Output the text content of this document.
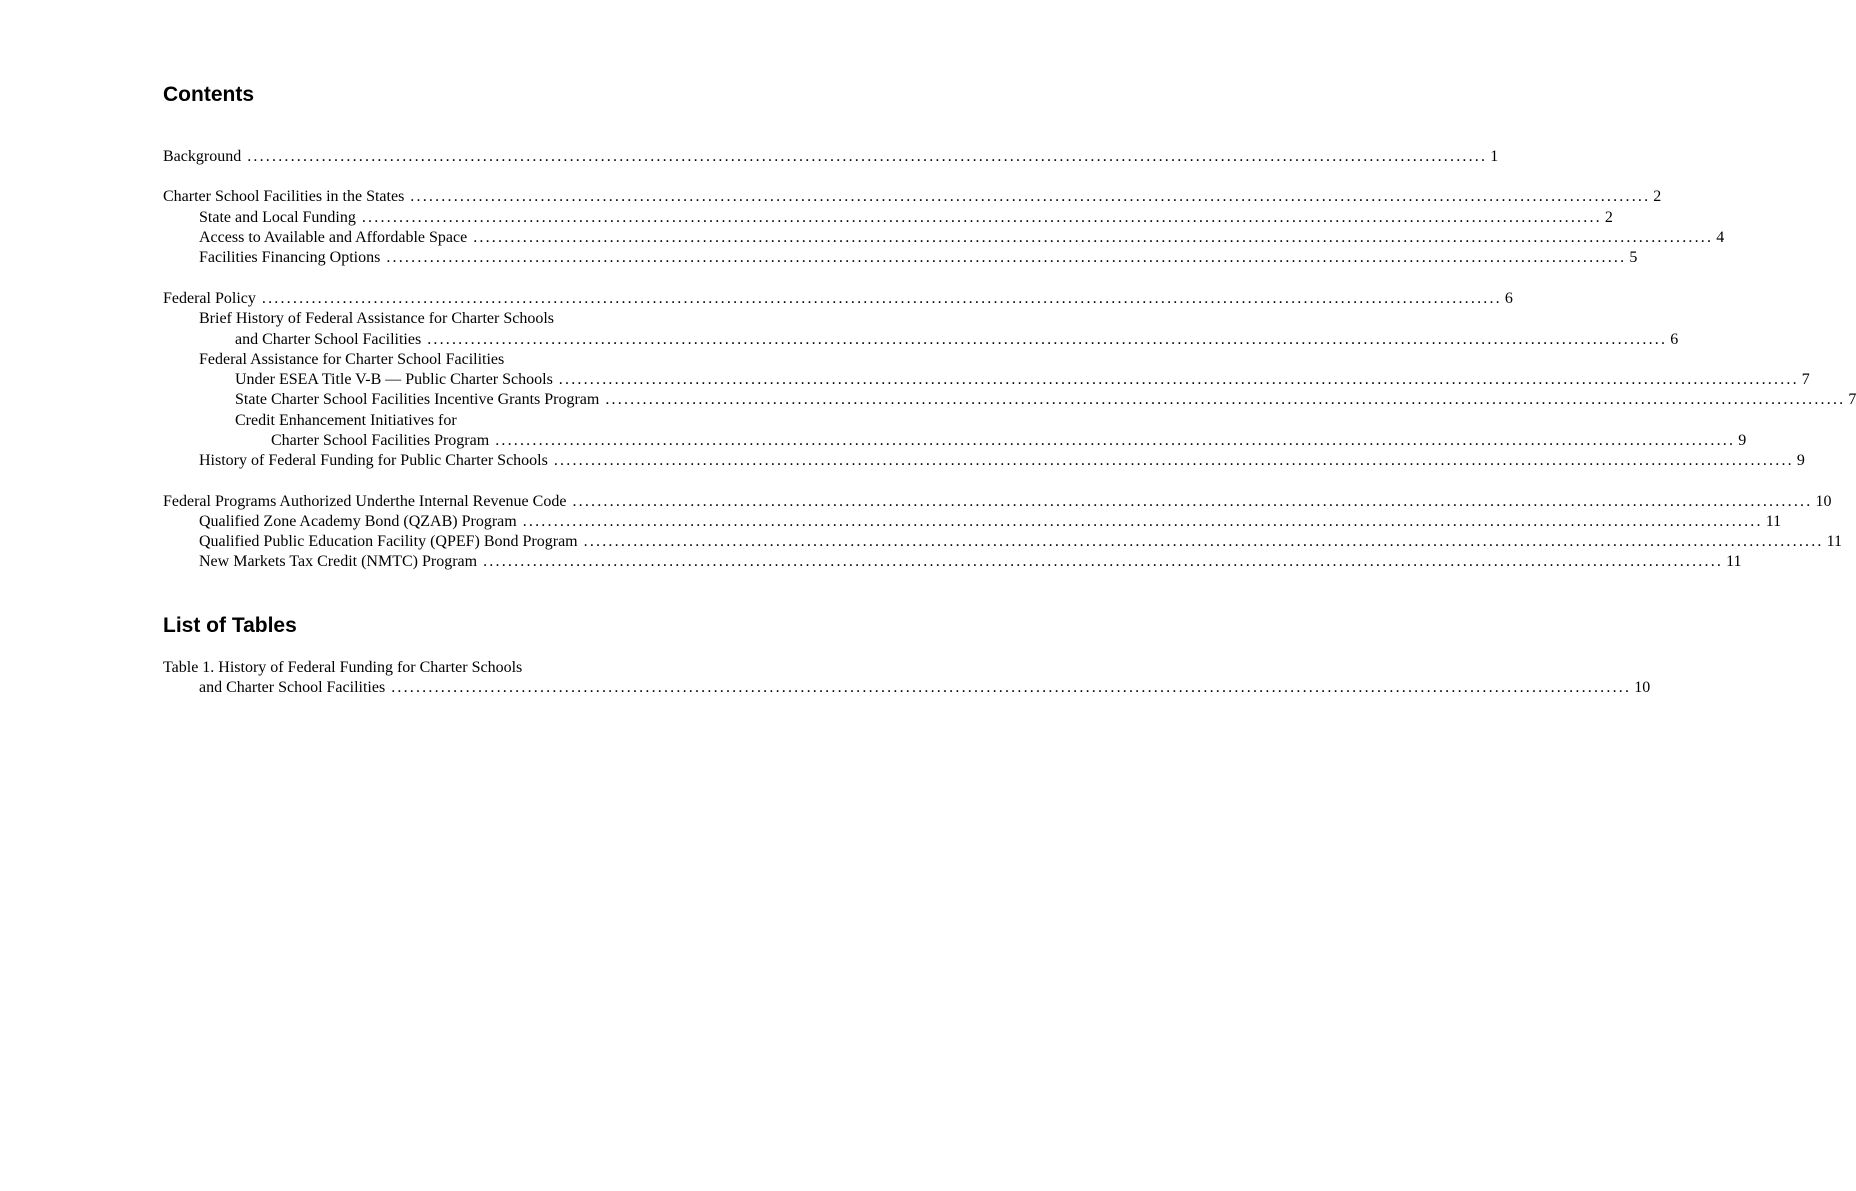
Contents
Background ........................................................................................................................................................................................................ 1
Charter School Facilities in the States ........................................................................................................................................................................................................ 2
State and Local Funding ........................................................................................................................................................................................................ 2
Access to Available and Affordable Space ........................................................................................................................................................................................................ 4
Facilities Financing Options ........................................................................................................................................................................................................ 5
Federal Policy ........................................................................................................................................................................................................ 6
Brief History of Federal Assistance for Charter Schools
and Charter School Facilities ........................................................................................................................................................................................................ 6
Federal Assistance for Charter School Facilities
Under ESEA Title V-B — Public Charter Schools ........................................................................................................................................................................................................ 7
State Charter School Facilities Incentive Grants Program ........................................................................................................................................................................................................ 7
Credit Enhancement Initiatives for
Charter School Facilities Program ........................................................................................................................................................................................................ 9
History of Federal Funding for Public Charter Schools ........................................................................................................................................................................................................ 9
Federal Programs Authorized Underthe Internal Revenue Code ........................................................................................................................................................................................................ 10
Qualified Zone Academy Bond (QZAB) Program ........................................................................................................................................................................................................ 11
Qualified Public Education Facility (QPEF) Bond Program ........................................................................................................................................................................................................ 11
New Markets Tax Credit (NMTC) Program ........................................................................................................................................................................................................ 11
List of Tables
Table 1. History of Federal Funding for Charter Schools
and Charter School Facilities ........................................................................................................................................................................................................ 10
